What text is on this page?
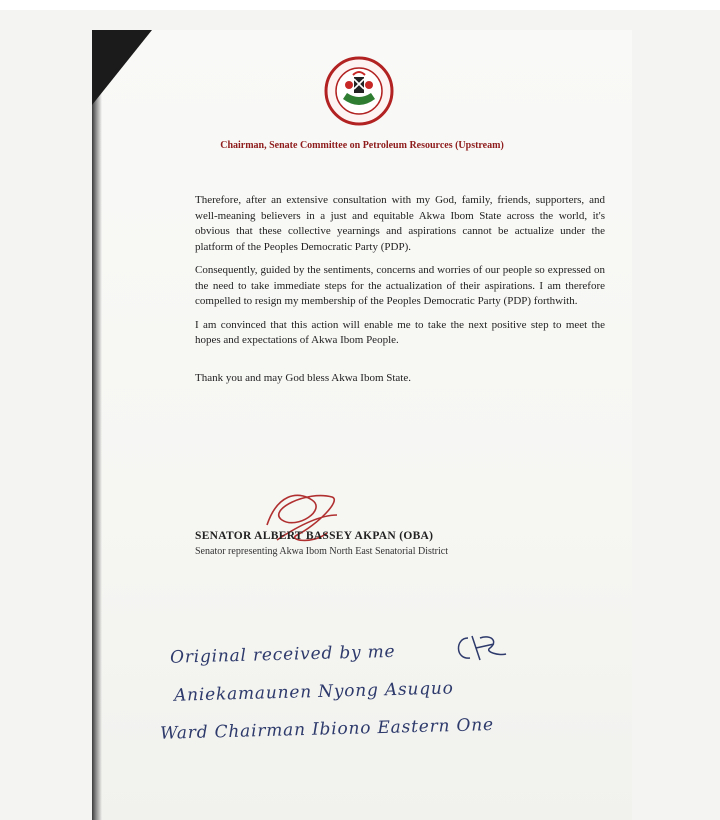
Chairman, Senate Committee on Petroleum Resources (Upstream)

Therefore, after an extensive consultation with my God, family, friends, supporters, and well-meaning believers in a just and equitable Akwa Ibom State across the world, it's obvious that these collective yearnings and aspirations cannot be actualize under the platform of the Peoples Democratic Party (PDP).

Consequently, guided by the sentiments, concerns and worries of our people so expressed on the need to take immediate steps for the actualization of their aspirations. I am therefore compelled to resign my membership of the Peoples Democratic Party (PDP) forthwith.

I am convinced that this action will enable me to take the next positive step to meet the hopes and expectations of Akwa Ibom People.

Thank you and may God bless Akwa Ibom State.

SENATOR ALBERT BASSEY AKPAN (OBA)
Senator representing Akwa Ibom North East Senatorial District
Original received by me
Aniekamaunen Nyong Asuquo
Ward Chairman Ibiono Eastern One
